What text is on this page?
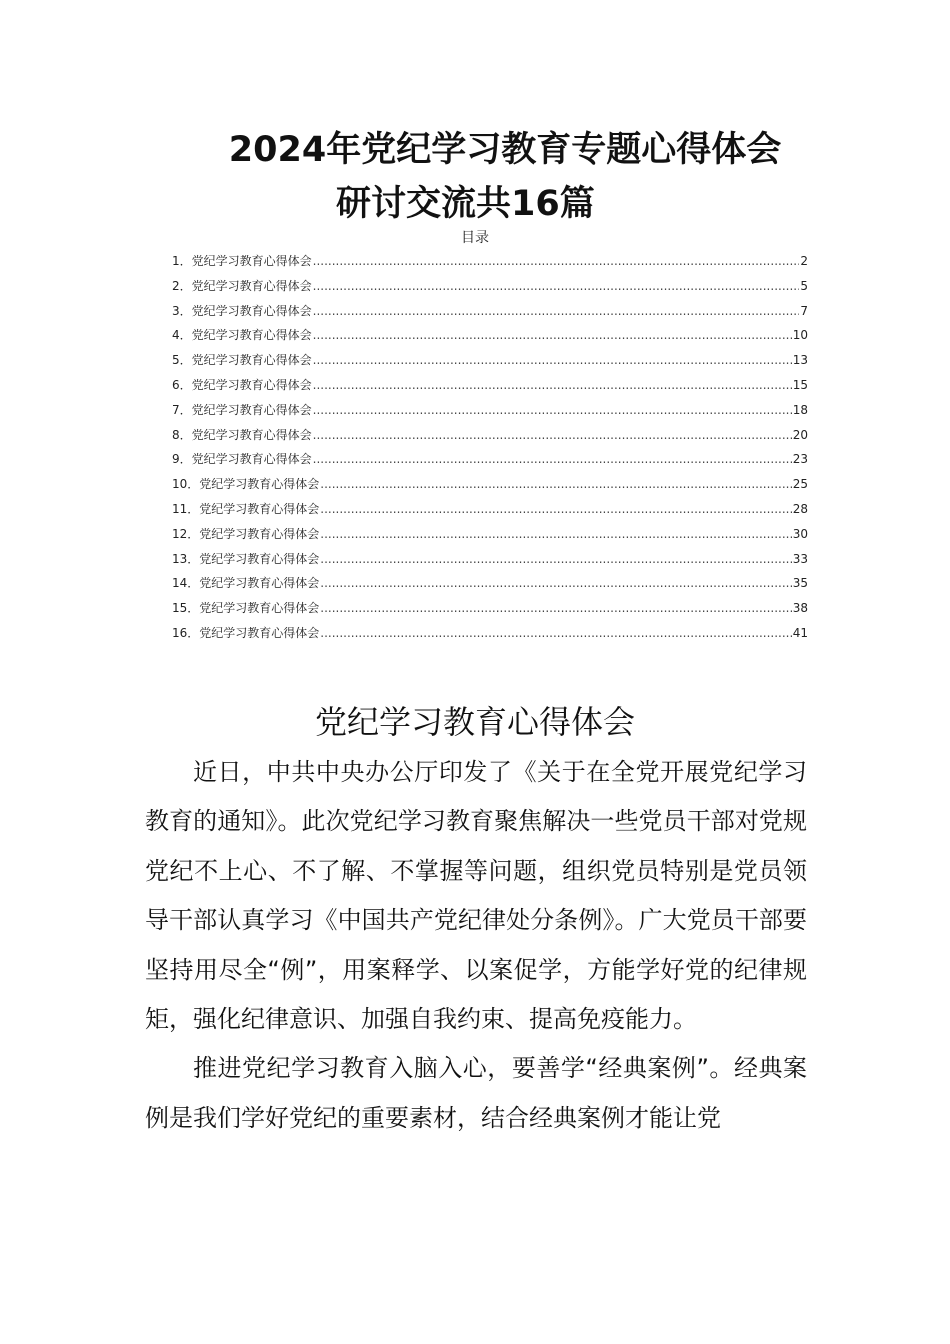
2024年党纪学习教育专题心得体会
研讨交流共16篇
目录
1．党纪学习教育心得体会 .....	2
2．党纪学习教育心得体会 .....	5
3．党纪学习教育心得体会 .....	7
4．党纪学习教育心得体会 .....	10
5．党纪学习教育心得体会 .....	13
6．党纪学习教育心得体会 .....	15
7．党纪学习教育心得体会 .....	18
8．党纪学习教育心得体会 .....	20
9．党纪学习教育心得体会 .....	23
10．党纪学习教育心得体会 .....	25
11．党纪学习教育心得体会 .....	28
12．党纪学习教育心得体会 .....	30
13．党纪学习教育心得体会 .....	33
14．党纪学习教育心得体会 .....	35
15．党纪学习教育心得体会 .....	38
16．党纪学习教育心得体会 .....	41
党纪学习教育心得体会

近日，中共中央办公厅印发了《关于在全党开展党纪学习教育的通知》。此次党纪学习教育聚焦解决一些党员干部对党规党纪不上心、不了解、不掌握等问题，组织党员特别是党员领导干部认真学习《中国共产党纪律处分条例》。广大党员干部要坚持用尽全“例”，用案释学、以案促学，方能学好党的纪律规矩，强化纪律意识、加强自我约束、提高免疫能力。

推进党纪学习教育入脑入心，要善学“经典案例”。经典案例是我们学好党纪的重要素材，结合经典案例才能让党
